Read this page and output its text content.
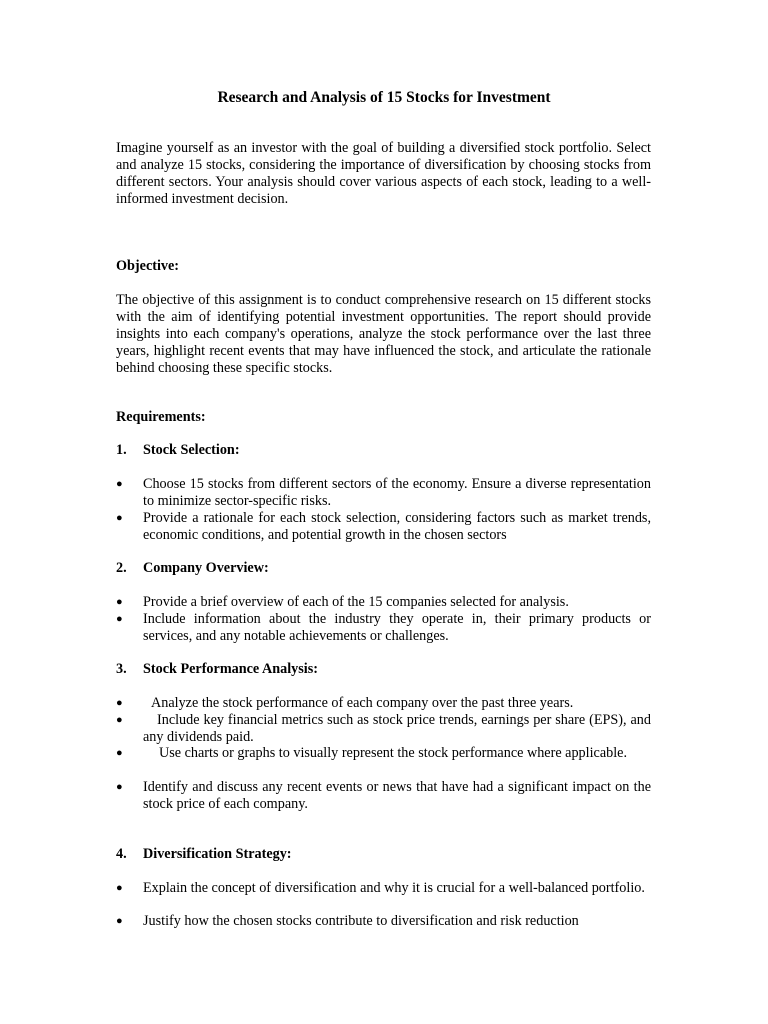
Research and Analysis of 15 Stocks for Investment

Imagine yourself as an investor with the goal of building a diversified stock portfolio. Select and analyze 15 stocks, considering the importance of diversification by choosing stocks from different sectors. Your analysis should cover various aspects of each stock, leading to a well-informed investment decision.

Objective:

The objective of this assignment is to conduct comprehensive research on 15 different stocks with the aim of identifying potential investment opportunities. The report should provide insights into each company's operations, analyze the stock performance over the last three years, highlight recent events that may have influenced the stock, and articulate the rationale behind choosing these specific stocks.

Requirements:

1. Stock Selection:

●	Choose 15 stocks from different sectors of the economy. Ensure a diverse representation to minimize sector-specific risks.
●	Provide a rationale for each stock selection, considering factors such as market trends, economic conditions, and potential growth in the chosen sectors

2. Company Overview:

●	Provide a brief overview of each of the 15 companies selected for analysis.
●	Include information about the industry they operate in, their primary products or services, and any notable achievements or challenges.

3. Stock Performance Analysis:

●	Analyze the stock performance of each company over the past three years.
●	Include key financial metrics such as stock price trends, earnings per share (EPS), and any dividends paid.
●	Use charts or graphs to visually represent the stock performance where applicable.
●	Identify and discuss any recent events or news that have had a significant impact on the stock price of each company.

4. Diversification Strategy:

●	Explain the concept of diversification and why it is crucial for a well-balanced portfolio.
●	Justify how the chosen stocks contribute to diversification and risk reduction
